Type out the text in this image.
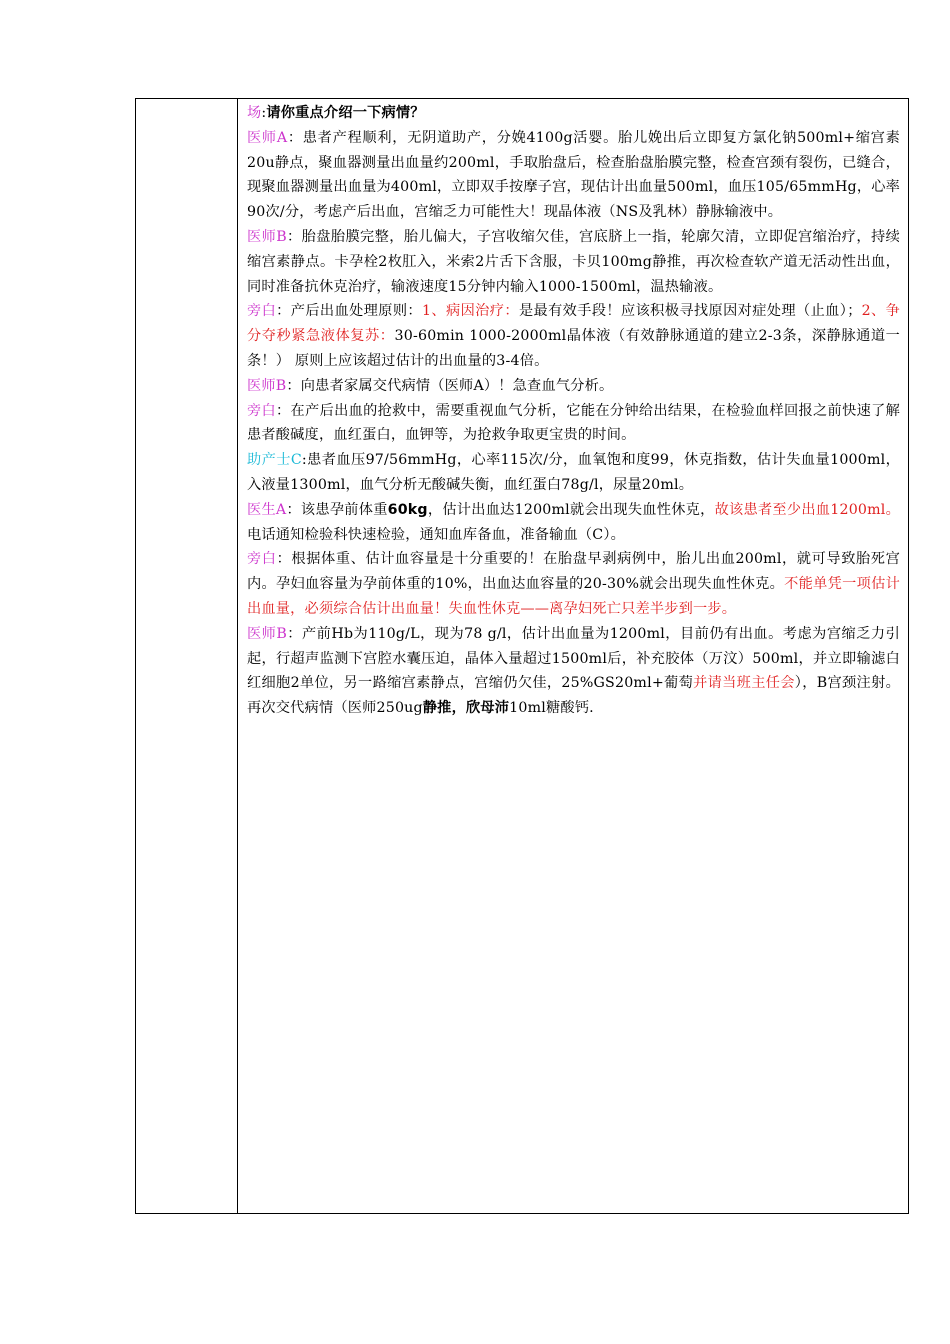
场:请你重点介绍一下病情？

医师A：患者产程顺利，无阴道助产，分娩4100g活婴。胎儿娩出后立即复方氯化钠500ml+缩宫素20u静点，聚血器测量出血量约200ml，手取胎盘后，检查胎盘胎膜完整，检查宫颈有裂伤，已缝合，现聚血器测量出血量为400ml，立即双手按摩子宫，现估计出血量500ml，血压105/65mmHg，心率90次/分，考虑产后出血，宫缩乏力可能性大！现晶体液（NS及乳林）静脉输液中。

医师B：胎盘胎膜完整，胎儿偏大，子宫收缩欠佳，宫底脐上一指，轮廓欠清，立即促宫缩治疗，持续缩宫素静点。卡孕栓2枚肛入，米索2片舌下含服，卡贝100mg静推，再次检查软产道无活动性出血，同时准备抗休克治疗，输液速度15分钟内输入1000-1500ml，温热输液。

旁白：产后出血处理原则：1、病因治疗：是最有效手段！应该积极寻找原因对症处理（止血）；2、争分夺秒紧急液体复苏：30-60min 1000-2000ml晶体液（有效静脉通道的建立2-3条，深静脉通道一条！） 原则上应该超过估计的出血量的3-4倍。

医师B：向患者家属交代病情（医师A）！急查血气分析。

旁白：在产后出血的抢救中，需要重视血气分析，它能在分钟给出结果，在检验血样回报之前快速了解患者酸碱度，血红蛋白，血钾等，为抢救争取更宝贵的时间。

助产士C:患者血压97/56mmHg，心率115次/分，血氧饱和度99，休克指数，估计失血量1000ml，入液量1300ml，血气分析无酸碱失衡，血红蛋白78g/l，尿量20ml。

医生A：该患孕前体重60kg，估计出血达1200ml就会出现失血性休克，故该患者至少出血1200ml。电话通知检验科快速检验，通知血库备血，准备输血（C）。

旁白：根据体重、估计血容量是十分重要的！在胎盘早剥病例中，胎儿出血200ml，就可导致胎死宫内。孕妇血容量为孕前体重的10%，出血达血容量的20-30%就会出现失血性休克。不能单凭一项估计出血量，必须综合估计出血量！失血性休克——离孕妇死亡只差半步到一步。

医师B：产前Hb为110g/L，现为78 g/l，估计出血量为1200ml，目前仍有出血。考虑为宫缩乏力引起，行超声监测下宫腔水囊压迫，晶体入量超过1500ml后，补充胶体（万汶）500ml，并立即输滤白红细胞2单位，另一路缩宫素静点，宫缩仍欠佳，25%GS20ml+葡萄并请当班主任会），B宫颈注射。再次交代病情（医师250ug静推，欣母沛10ml糖酸钙.
